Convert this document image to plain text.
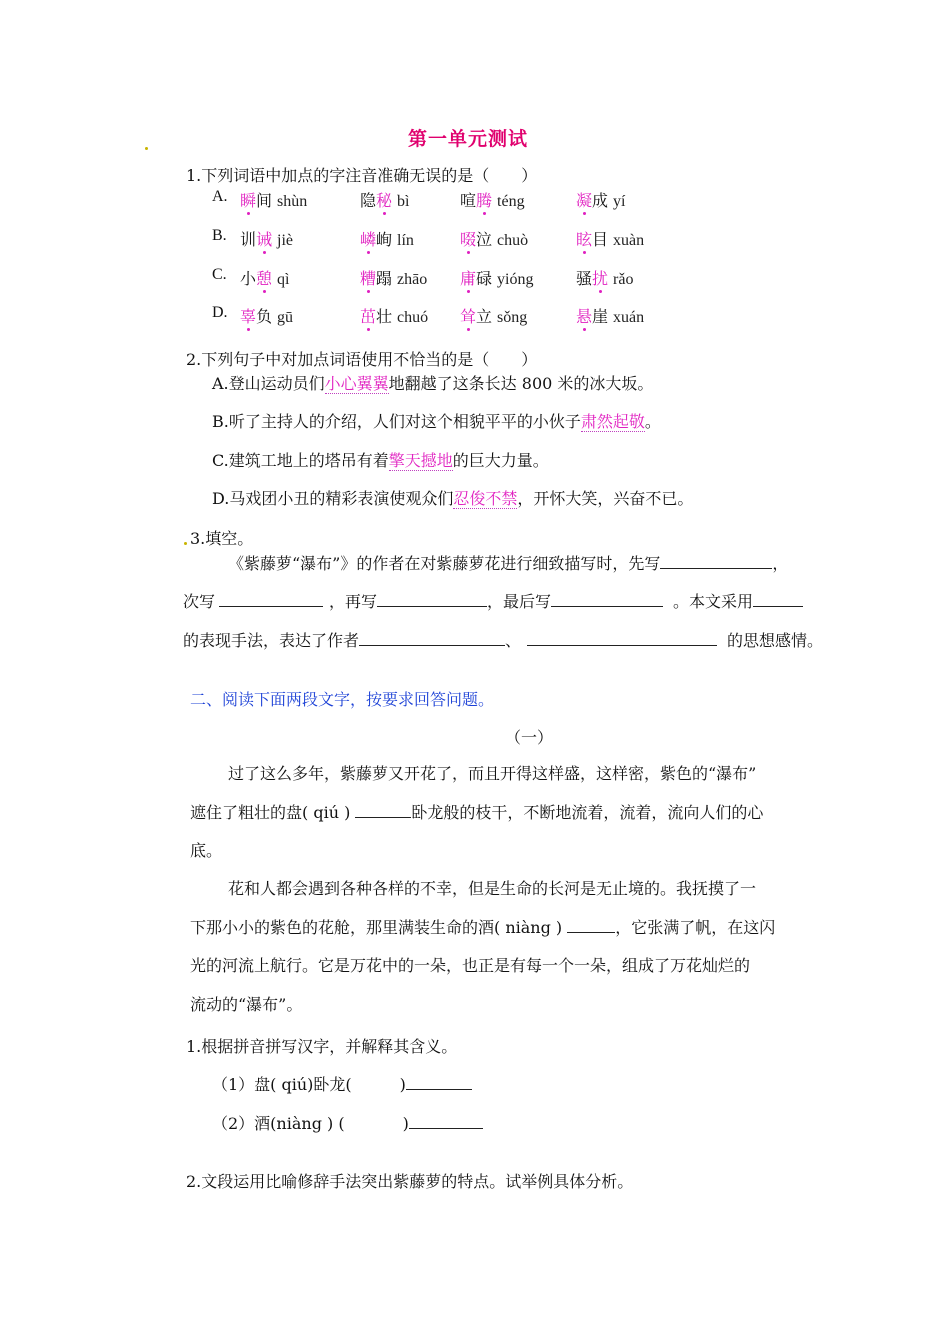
第一单元测试
1.下列词语中加点的字注音准确无误的是（　　）
A. 瞬间 shùn	隐秘 bì	喧腾 téng	凝成 yí
B. 训诫 jiè	嶙峋 lín	啜泣 chuò	眩目 xuàn
C. 小憩 qì	糟蹋 zhāo 庸碌 yióng	骚扰 rǎo
D. 辜负 gū	茁壮 chuó 耸立 sǒng	悬崖 xuán
2.下列句子中对加点词语使用不恰当的是（　　）
A.登山运动员们小心翼翼地翻越了这条长达 800 米的冰大坂。
B.听了主持人的介绍，人们对这个相貌平平的小伙子肃然起敬。
C.建筑工地上的塔吊有着擎天撼地的巨大力量。
D.马戏团小丑的精彩表演使观众们忍俊不禁，开怀大笑，兴奋不已。
3.填空。
《紫藤萝“瀑布”》的作者在对紫藤萝花进行细致描写时，先写	，
次写	，再写	，最后写	。本文采用
的表现手法，表达了作者	、	的思想感情。
二、阅读下面两段文字，按要求回答问题。
（一）
过了这么多年，紫藤萝又开花了，而且开得这样盛，这样密，紫色的“瀑布”
遮住了粗壮的盘( qiú )	卧龙般的枝干，不断地流着，流着，流向人们的心
底。
花和人都会遇到各种各样的不幸，但是生命的长河是无止境的。我抚摸了一
下那小小的紫色的花舱，那里满装生命的酒( niàng )	，它张满了帆，在这闪
光的河流上航行。它是万花中的一朵，也正是有每一个一朵，组成了万花灿烂的
流动的“瀑布”。
1.根据拼音拼写汉字，并解释其含义。
（1）盘( qiú)卧龙(	)
（2）酒(niàng ) (	)
2.文段运用比喻修辞手法突出紫藤萝的特点。试举例具体分析。
